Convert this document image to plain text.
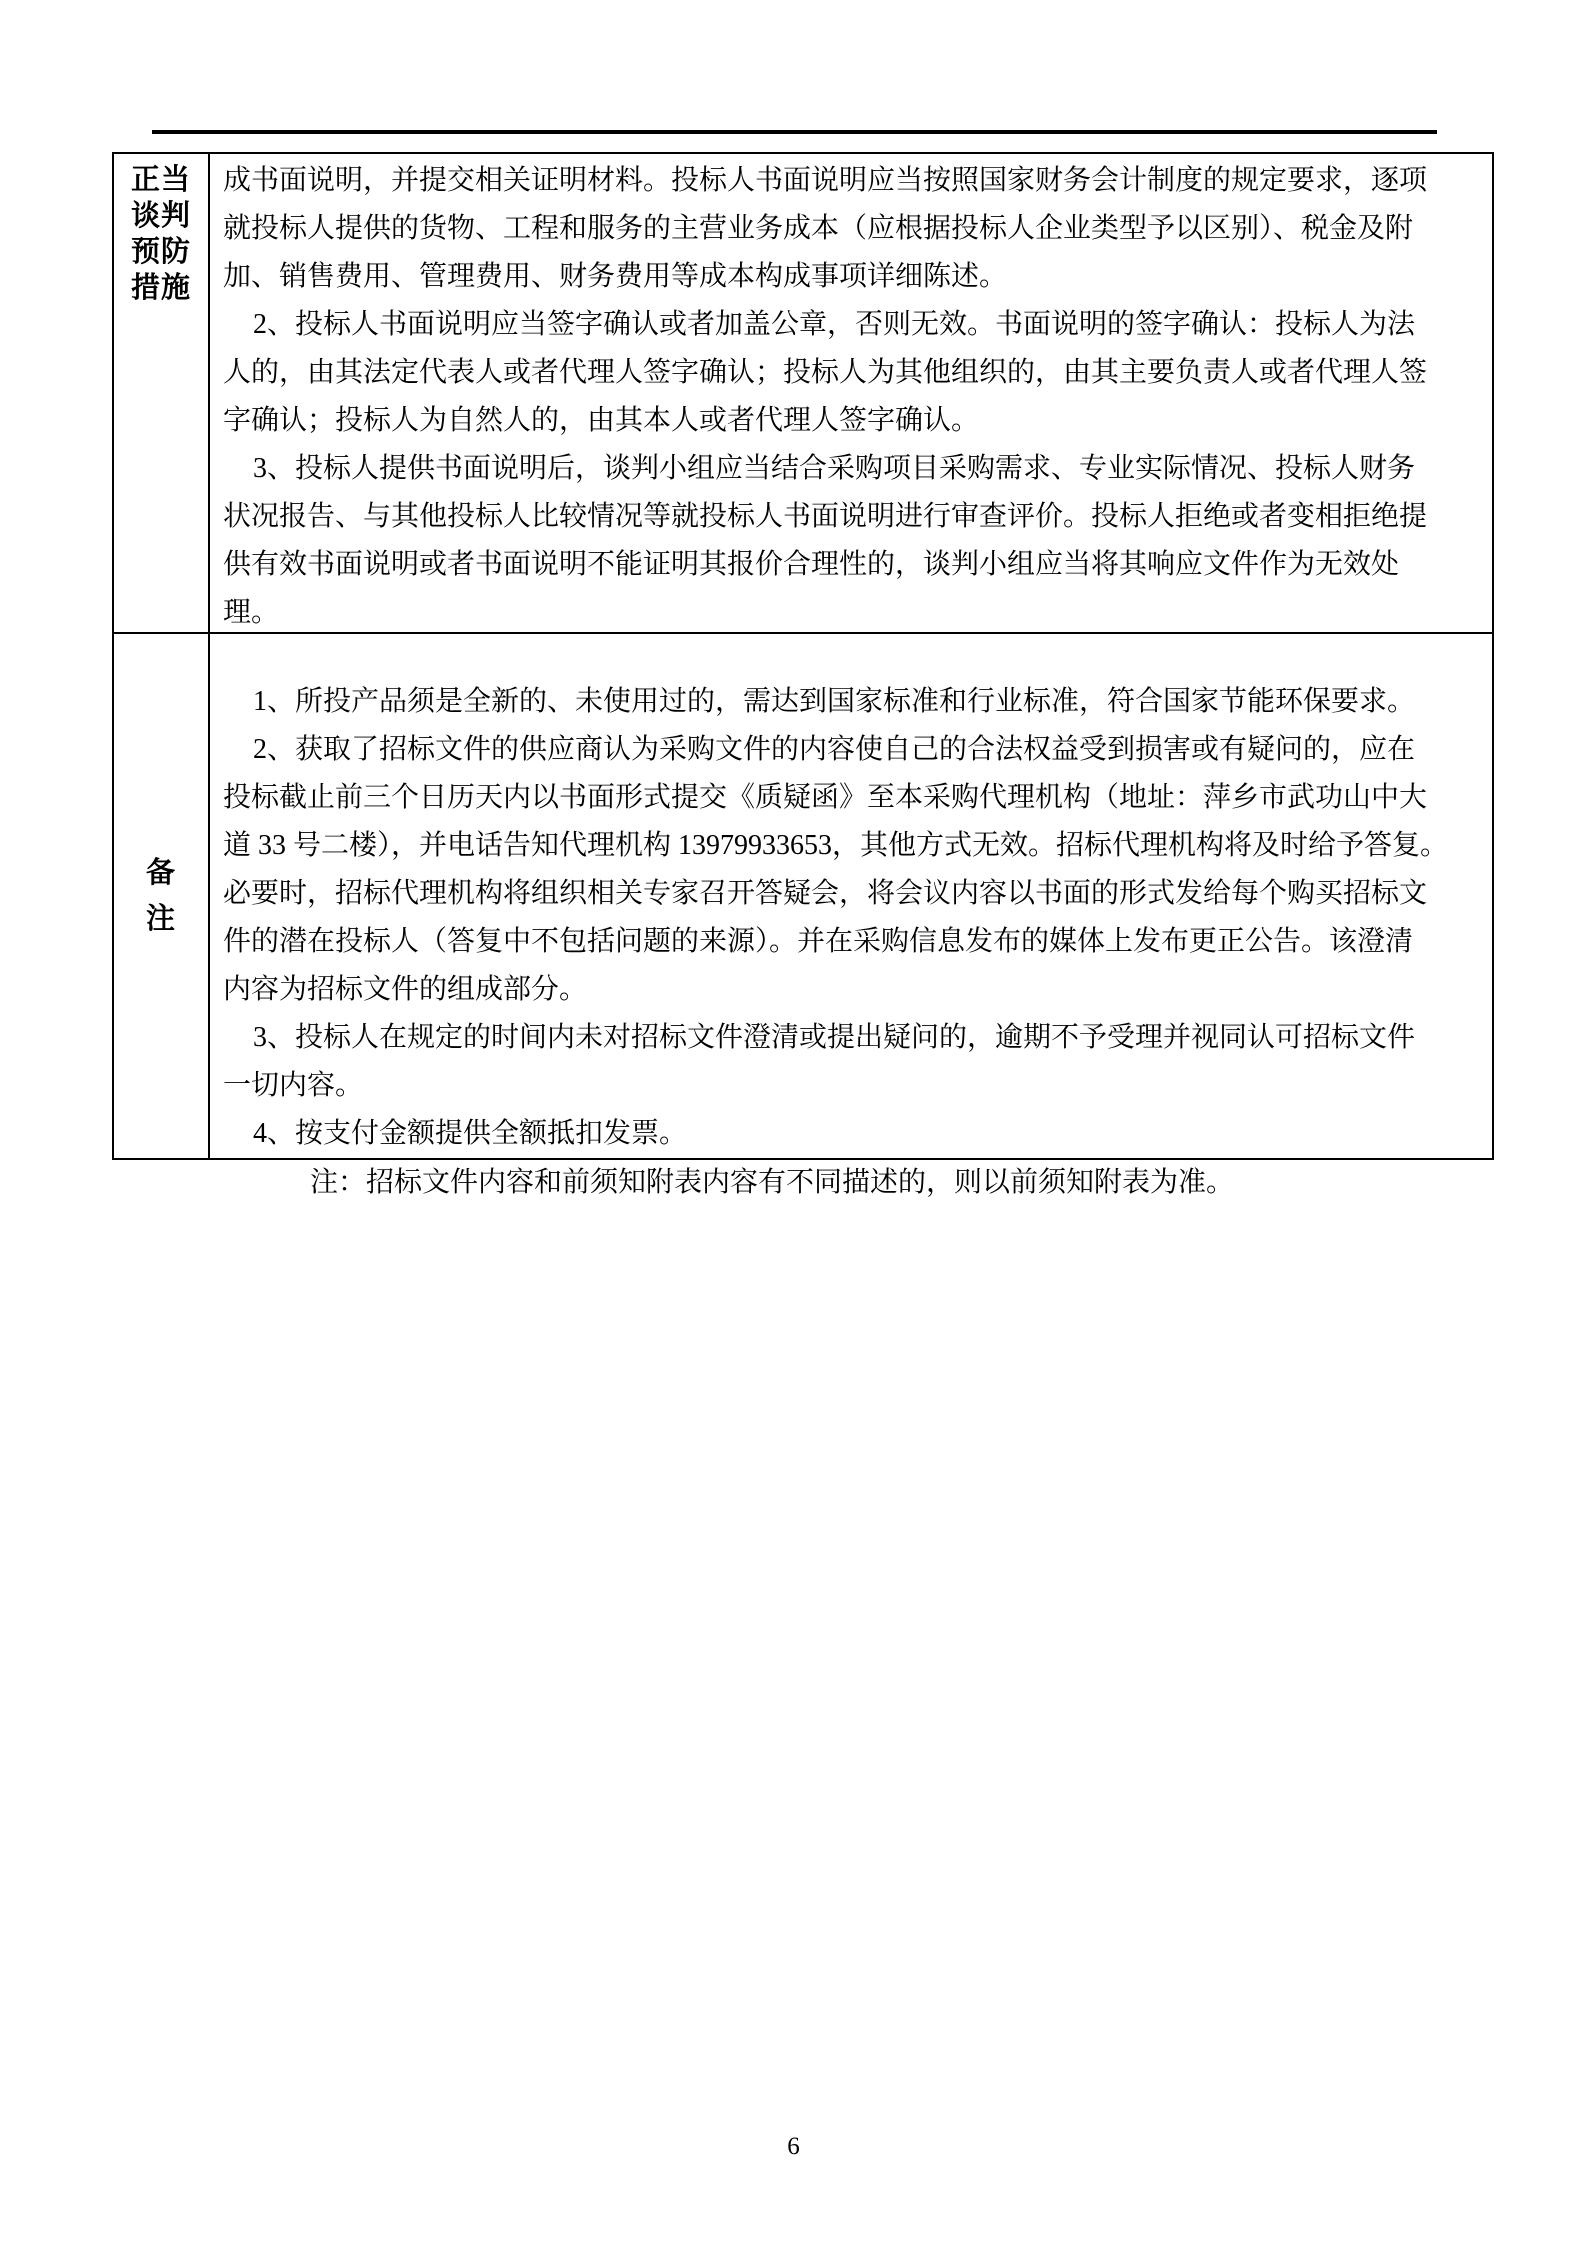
正当
谈判
预防
措施
成书面说明，并提交相关证明材料。投标人书面说明应当按照国家财务会计制度的规定要求，逐项
就投标人提供的货物、工程和服务的主营业务成本（应根据投标人企业类型予以区别）、税金及附
加、销售费用、管理费用、财务费用等成本构成事项详细陈述。
2、投标人书面说明应当签字确认或者加盖公章，否则无效。书面说明的签字确认：投标人为法
人的，由其法定代表人或者代理人签字确认；投标人为其他组织的，由其主要负责人或者代理人签
字确认；投标人为自然人的，由其本人或者代理人签字确认。
3、投标人提供书面说明后，谈判小组应当结合采购项目采购需求、专业实际情况、投标人财务
状况报告、与其他投标人比较情况等就投标人书面说明进行审查评价。投标人拒绝或者变相拒绝提
供有效书面说明或者书面说明不能证明其报价合理性的，谈判小组应当将其响应文件作为无效处
理。
备
注
1、所投产品须是全新的、未使用过的，需达到国家标准和行业标准，符合国家节能环保要求。
2、获取了招标文件的供应商认为采购文件的内容使自己的合法权益受到损害或有疑问的，应在
投标截止前三个日历天内以书面形式提交《质疑函》至本采购代理机构（地址：萍乡市武功山中大
道 33 号二楼），并电话告知代理机构 13979933653，其他方式无效。招标代理机构将及时给予答复。
必要时，招标代理机构将组织相关专家召开答疑会，将会议内容以书面的形式发给每个购买招标文
件的潜在投标人（答复中不包括问题的来源）。并在采购信息发布的媒体上发布更正公告。该澄清
内容为招标文件的组成部分。
3、投标人在规定的时间内未对招标文件澄清或提出疑问的，逾期不予受理并视同认可招标文件
一切内容。
4、按支付金额提供全额抵扣发票。
注：招标文件内容和前须知附表内容有不同描述的，则以前须知附表为准。
6
